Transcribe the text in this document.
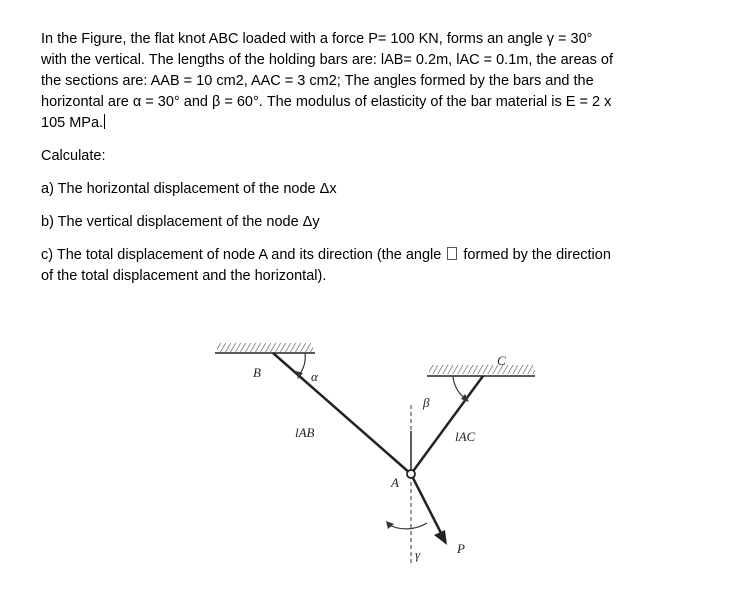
In the Figure, the flat knot ABC loaded with a force P= 100 KN, forms an angle γ = 30°

with the vertical. The lengths of the holding bars are: lAB= 0.2m, lAC = 0.1m, the areas of

the sections are: AAB = 10 cm2, AAC = 3 cm2; The angles formed by the bars and the

horizontal are α = 30° and β = 60°. The modulus of elasticity of the bar material is E = 2 x

105 MPa.

Calculate:

a) The horizontal displacement of the node Δx

b) The vertical displacement of the node Δy

c) The total displacement of node A and its direction (the angle formed by the direction

of the total displacement and the horizontal).

B	α
lAB
C
β
lAC
A
γ	P
